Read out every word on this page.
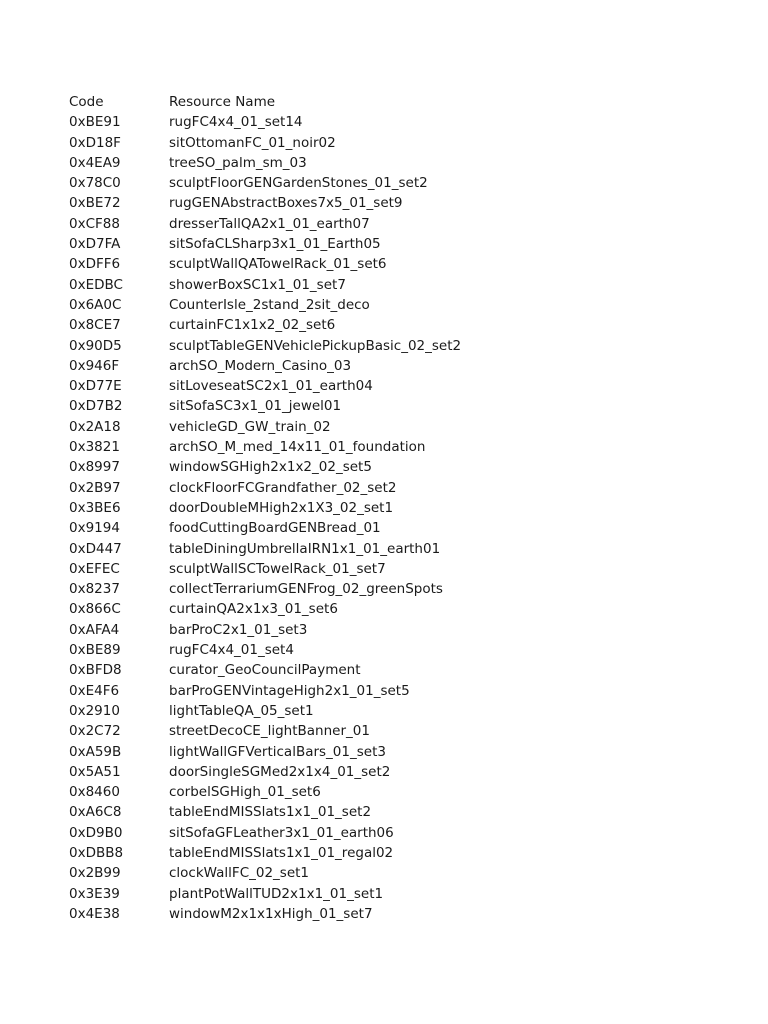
Code	Resource Name
0xBE91	rugFC4x4_01_set14
0xD18F	sitOttomanFC_01_noir02
0x4EA9	treeSO_palm_sm_03
0x78C0	sculptFloorGENGardenStones_01_set2
0xBE72	rugGENAbstractBoxes7x5_01_set9
0xCF88	dresserTallQA2x1_01_earth07
0xD7FA	sitSofaCLSharp3x1_01_Earth05
0xDFF6	sculptWallQATowelRack_01_set6
0xEDBC	showerBoxSC1x1_01_set7
0x6A0C	CounterIsle_2stand_2sit_deco
0x8CE7	curtainFC1x1x2_02_set6
0x90D5	sculptTableGENVehiclePickupBasic_02_set2
0x946F	archSO_Modern_Casino_03
0xD77E	sitLoveseatSC2x1_01_earth04
0xD7B2	sitSofaSC3x1_01_jewel01
0x2A18	vehicleGD_GW_train_02
0x3821	archSO_M_med_14x11_01_foundation
0x8997	windowSGHigh2x1x2_02_set5
0x2B97	clockFloorFCGrandfather_02_set2
0x3BE6	doorDoubleMHigh2x1X3_02_set1
0x9194	foodCuttingBoardGENBread_01
0xD447	tableDiningUmbrellaIRN1x1_01_earth01
0xEFEC	sculptWallSCTowelRack_01_set7
0x8237	collectTerrariumGENFrog_02_greenSpots
0x866C	curtainQA2x1x3_01_set6
0xAFA4	barProC2x1_01_set3
0xBE89	rugFC4x4_01_set4
0xBFD8	curator_GeoCouncilPayment
0xE4F6	barProGENVintageHigh2x1_01_set5
0x2910	lightTableQA_05_set1
0x2C72	streetDecoCE_lightBanner_01
0xA59B	lightWallGFVerticalBars_01_set3
0x5A51	doorSingleSGMed2x1x4_01_set2
0x8460	corbelSGHigh_01_set6
0xA6C8	tableEndMISSlats1x1_01_set2
0xD9B0	sitSofaGFLeather3x1_01_earth06
0xDBB8	tableEndMISSlats1x1_01_regal02
0x2B99	clockWallFC_02_set1
0x3E39	plantPotWallTUD2x1x1_01_set1
0x4E38	windowM2x1x1xHigh_01_set7
